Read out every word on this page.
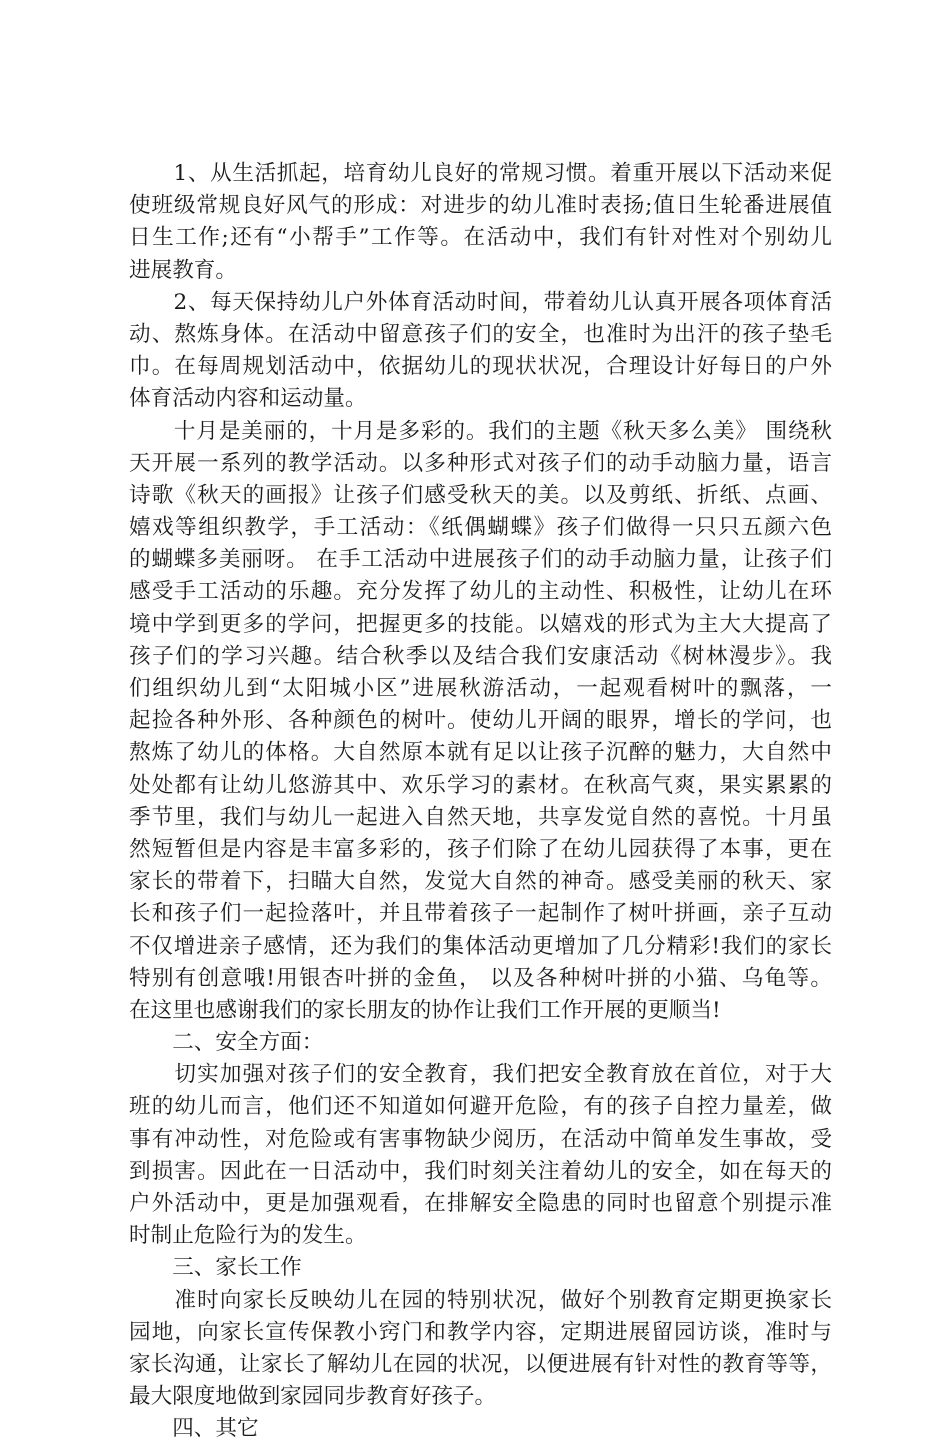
　　1、从生活抓起，培育幼儿良好的常规习惯。着重开展以下活动来促
使班级常规良好风气的形成：对进步的幼儿准时表扬;值日生轮番进展值
日生工作;还有“小帮手”工作等。在活动中，我们有针对性对个别幼儿
进展教育。
　　2、每天保持幼儿户外体育活动时间，带着幼儿认真开展各项体育活
动、熬炼身体。在活动中留意孩子们的安全，也准时为出汗的孩子垫毛
巾。在每周规划活动中，依据幼儿的现状状况，合理设计好每日的户外
体育活动内容和运动量。
　　十月是美丽的，十月是多彩的。我们的主题《秋天多么美》 围绕秋
天开展一系列的教学活动。以多种形式对孩子们的动手动脑力量，语言
诗歌《秋天的画报》让孩子们感受秋天的美。以及剪纸、折纸、点画、
嬉戏等组织教学，手工活动：《纸偶蝴蝶》孩子们做得一只只五颜六色
的蝴蝶多美丽呀。 在手工活动中进展孩子们的动手动脑力量，让孩子们
感受手工活动的乐趣。充分发挥了幼儿的主动性、积极性，让幼儿在环
境中学到更多的学问，把握更多的技能。以嬉戏的形式为主大大提高了
孩子们的学习兴趣。结合秋季以及结合我们安康活动《树林漫步》。我
们组织幼儿到“太阳城小区”进展秋游活动，一起观看树叶的飘落，一
起捡各种外形、各种颜色的树叶。使幼儿开阔的眼界，增长的学问，也
熬炼了幼儿的体格。大自然原本就有足以让孩子沉醉的魅力，大自然中
处处都有让幼儿悠游其中、欢乐学习的素材。在秋高气爽，果实累累的
季节里，我们与幼儿一起进入自然天地，共享发觉自然的喜悦。十月虽
然短暂但是内容是丰富多彩的，孩子们除了在幼儿园获得了本事，更在
家长的带着下，扫瞄大自然，发觉大自然的神奇。感受美丽的秋天、家
长和孩子们一起捡落叶，并且带着孩子一起制作了树叶拼画，亲子互动
不仅增进亲子感情，还为我们的集体活动更增加了几分精彩!我们的家长
特别有创意哦!用银杏叶拼的金鱼， 以及各种树叶拼的小猫、乌龟等。
在这里也感谢我们的家长朋友的协作让我们工作开展的更顺当!
　　二、安全方面：
　　切实加强对孩子们的安全教育，我们把安全教育放在首位，对于大
班的幼儿而言，他们还不知道如何避开危险，有的孩子自控力量差，做
事有冲动性，对危险或有害事物缺少阅历，在活动中简单发生事故，受
到损害。因此在一日活动中，我们时刻关注着幼儿的安全，如在每天的
户外活动中，更是加强观看，在排解安全隐患的同时也留意个别提示准
时制止危险行为的发生。
　　三、家长工作
　　准时向家长反映幼儿在园的特别状况，做好个别教育定期更换家长
园地，向家长宣传保教小窍门和教学内容，定期进展留园访谈，准时与
家长沟通，让家长了解幼儿在园的状况，以便进展有针对性的教育等等，
最大限度地做到家园同步教育好孩子。
　　四、其它
